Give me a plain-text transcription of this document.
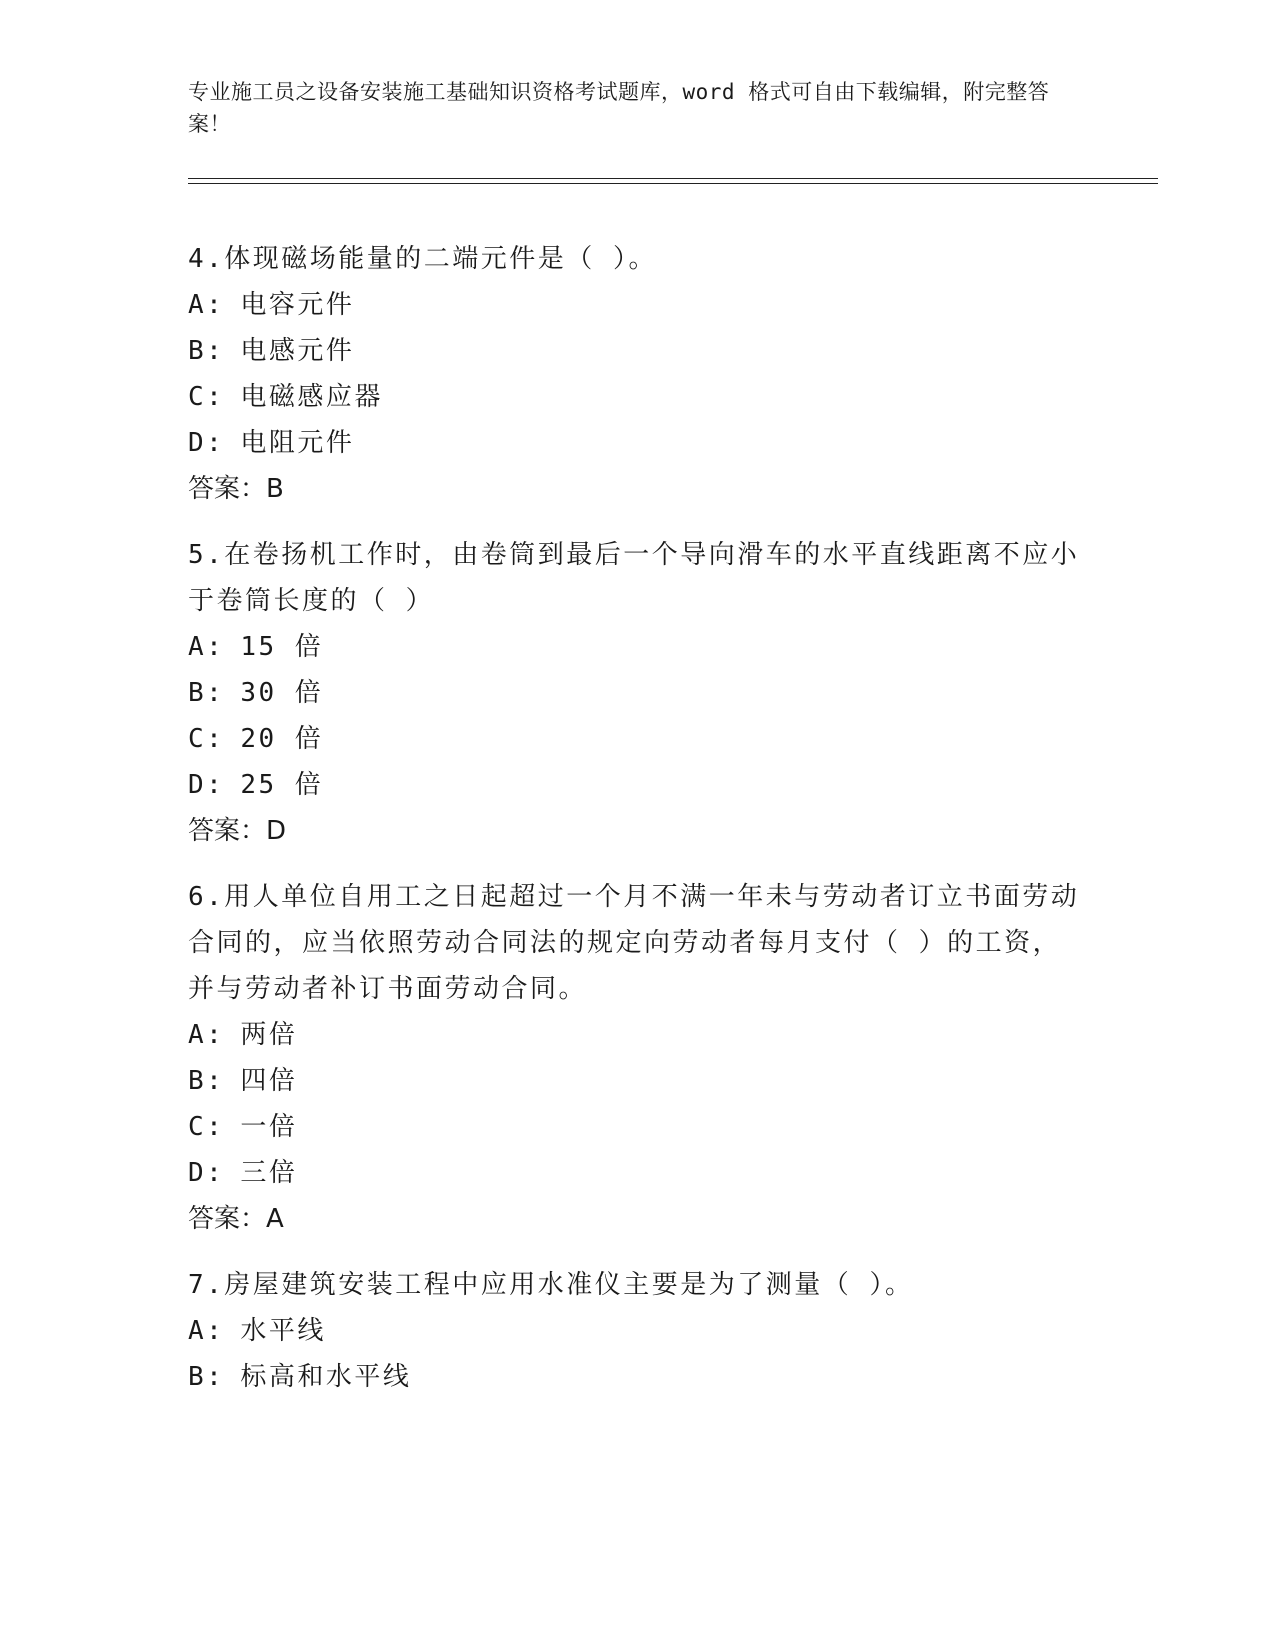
专业施工员之设备安装施工基础知识资格考试题库，word 格式可自由下载编辑，附完整答案！

4.体现磁场能量的二端元件是（ ）。

A: 电容元件

B: 电感元件

C: 电磁感应器

D: 电阻元件

答案：B

5.在卷扬机工作时，由卷筒到最后一个导向滑车的水平直线距离不应小于卷筒长度的（ ）

A: 15 倍

B: 30 倍

C: 20 倍

D: 25 倍

答案：D

6.用人单位自用工之日起超过一个月不满一年未与劳动者订立书面劳动合同的，应当依照劳动合同法的规定向劳动者每月支付（ ）的工资，并与劳动者补订书面劳动合同。

A: 两倍

B: 四倍

C: 一倍

D: 三倍

答案：A

7.房屋建筑安装工程中应用水准仪主要是为了测量（ ）。

A: 水平线

B: 标高和水平线
